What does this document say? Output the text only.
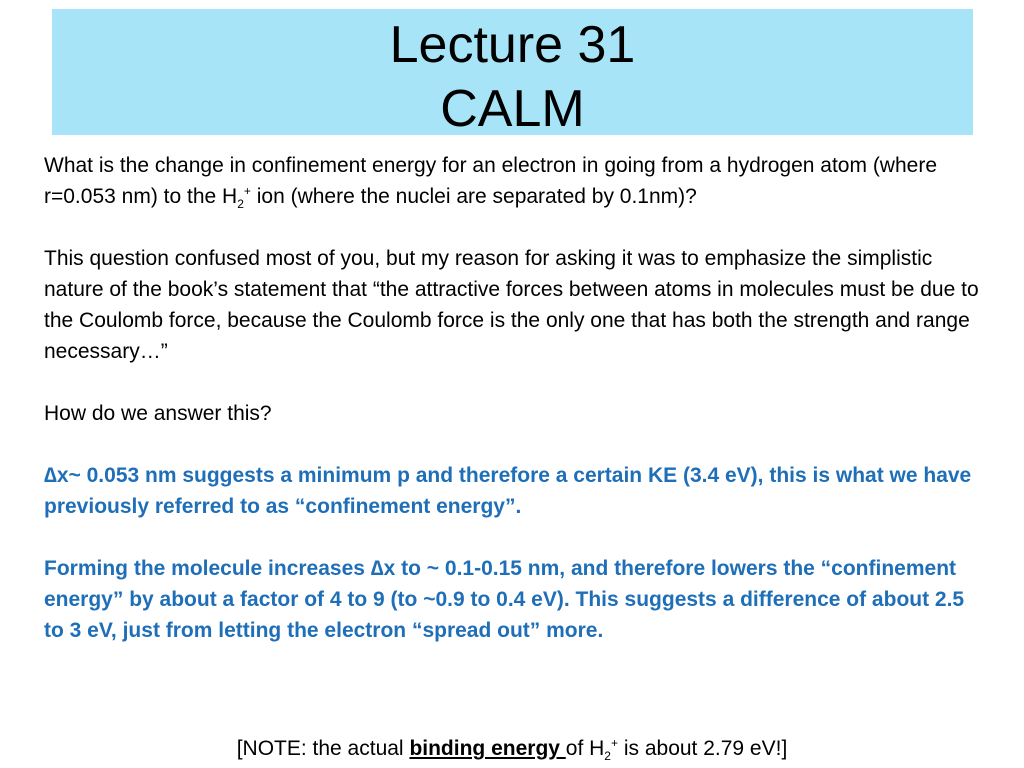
Lecture 31
CALM

What is the change in confinement energy for an electron in going from a hydrogen atom (where r=0.053 nm) to the $H_2^+$ ion (where the nuclei are separated by 0.1nm)?

This question confused most of you, but my reason for asking it was to emphasize the simplistic nature of the book’s statement that “the attractive forces between atoms in molecules must be due to the Coulomb force, because the Coulomb force is the only one that has both the strength and range necessary…”

How do we answer this?

∆x~ 0.053 nm suggests a minimum p and therefore a certain KE (3.4 eV), this is what we have previously referred to as “confinement energy”.

Forming the molecule increases ∆x to ~ 0.1-0.15 nm, and therefore lowers the “confinement energy” by about a factor of 4 to 9 (to ~0.9 to 0.4 eV). This suggests a difference of about 2.5 to 3 eV, just from letting the electron “spread out” more.

[NOTE: the actual binding energy of $H_2^+$ is about 2.79 eV!]
